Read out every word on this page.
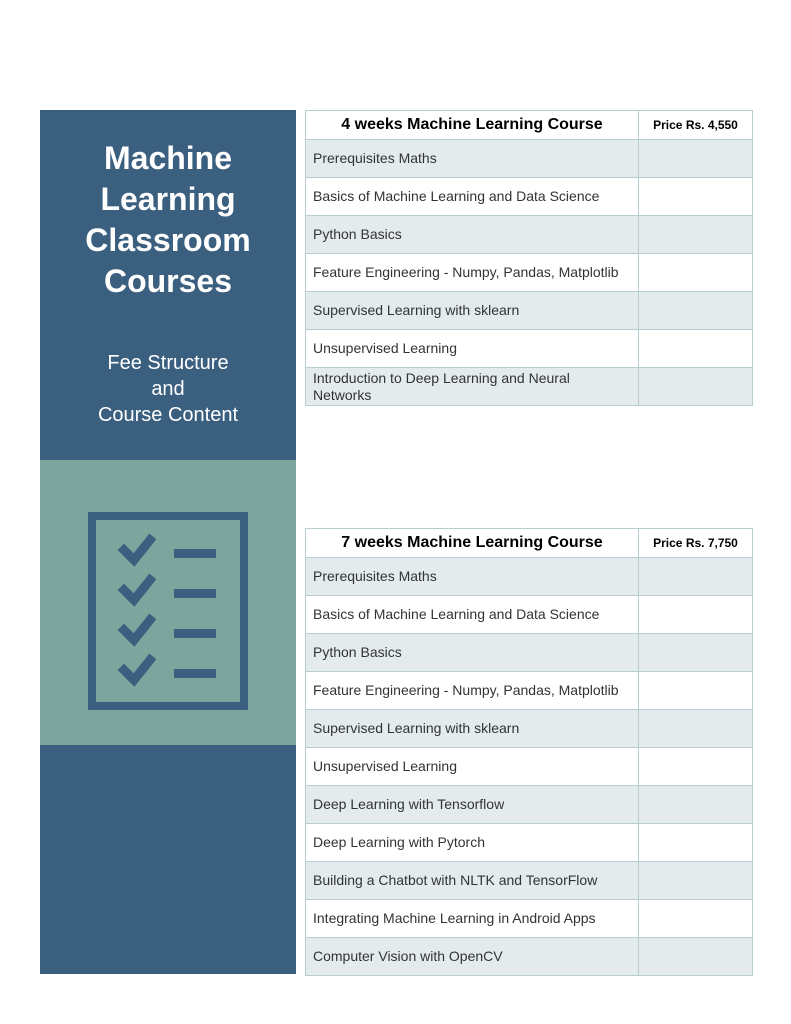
Machine
Learning
Classroom
Courses
Fee Structure
and
Course Content
4 weeks Machine Learning Course	Price Rs. 4,550
Prerequisites Maths	
Basics of Machine Learning and Data Science	
Python Basics	
Feature Engineering - Numpy, Pandas, Matplotlib	
Supervised Learning with sklearn	
Unsupervised Learning	
Introduction to Deep Learning and Neural Networks	
7 weeks Machine Learning Course	Price Rs. 7,750
Prerequisites Maths	
Basics of Machine Learning and Data Science	
Python Basics	
Feature Engineering - Numpy, Pandas, Matplotlib	
Supervised Learning with sklearn	
Unsupervised Learning	
Deep Learning with Tensorflow	
Deep Learning with Pytorch	
Building a Chatbot with NLTK and TensorFlow	
Integrating Machine Learning in Android Apps	
Computer Vision with OpenCV	
